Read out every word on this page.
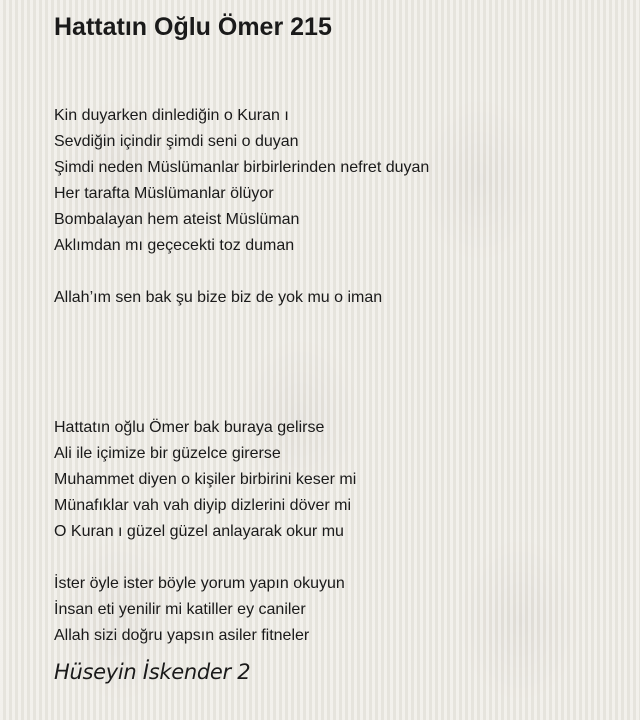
Hattatın Oğlu Ömer 215
Kin duyarken dinlediğin o Kuran ı
Sevdiğin içindir şimdi seni o duyan
Şimdi neden Müslümanlar birbirlerinden nefret duyan
Her tarafta Müslümanlar ölüyor
Bombalayan hem ateist Müslüman
Aklımdan mı geçecekti toz duman
Allah’ım sen bak şu bize biz de yok mu o iman
Hattatın oğlu Ömer bak buraya gelirse
Ali ile içimize bir güzelce girerse
Muhammet diyen o kişiler birbirini keser mi
Münafıklar vah vah diyip dizlerini döver mi
O Kuran ı güzel güzel anlayarak okur mu
İster öyle ister böyle yorum yapın okuyun
İnsan eti yenilir mi katiller ey caniler
Allah sizi doğru yapsın asiler fitneler
Hüseyin İskender 2
